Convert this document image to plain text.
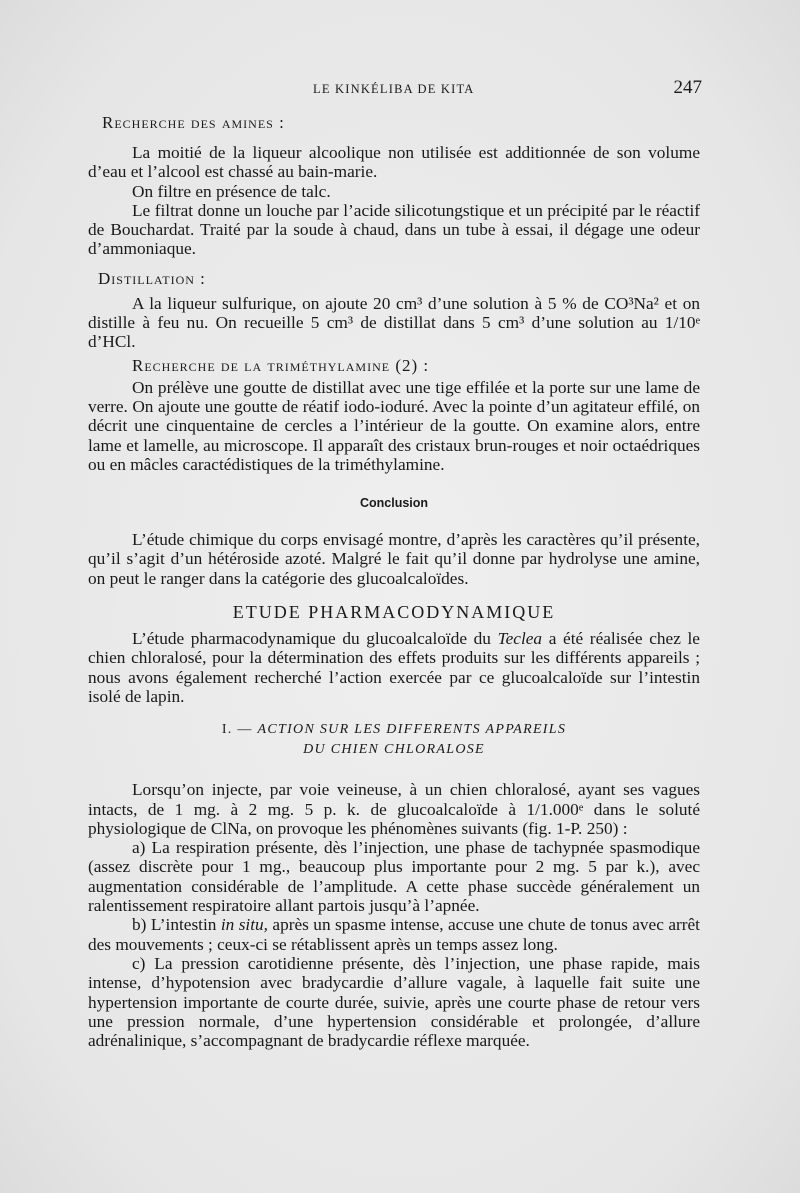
LE KINKÉLIBA DE KITA	247
Recherche des amines :

La moitié de la liqueur alcoolique non utilisée est additionnée de son volume d’eau et l’alcool est chassé au bain-marie.

On filtre en présence de talc.

Le filtrat donne un louche par l’acide silicotungstique et un précipité par le réactif de Bouchardat. Traité par la soude à chaud, dans un tube à essai, il dégage une odeur d’ammoniaque.

Distillation :

A la liqueur sulfurique, on ajoute 20 cm³ d’une solution à 5 % de CO³Na² et on distille à feu nu. On recueille 5 cm³ de distillat dans 5 cm³ d’une solution au 1/10ᵉ d’HCl.

Recherche de la triméthylamine (2) :

On prélève une goutte de distillat avec une tige effilée et la porte sur une lame de verre. On ajoute une goutte de réatif iodo-ioduré. Avec la pointe d’un agitateur effilé, on décrit une cinquentaine de cercles a l’intérieur de la goutte. On examine alors, entre lame et lamelle, au microscope. Il apparaît des cristaux brun-rouges et noir octaédriques ou en mâcles caractédistiques de la triméthylamine.

Conclusion

L’étude chimique du corps envisagé montre, d’après les caractères qu’il présente, qu’il s’agit d’un hétéroside azoté. Malgré le fait qu’il donne par hydrolyse une amine, on peut le ranger dans la catégorie des glucoalcaloïdes.

ETUDE PHARMACODYNAMIQUE

L’étude pharmacodynamique du glucoalcaloïde du Teclea a été réalisée chez le chien chloralosé, pour la détermination des effets produits sur les différents appareils ; nous avons également recherché l’action exercée par ce glucoalcaloïde sur l’intestin isolé de lapin.

I. — ACTION SUR LES DIFFERENTS APPAREILS
DU CHIEN CHLORALOSE

Lorsqu’on injecte, par voie veineuse, à un chien chloralosé, ayant ses vagues intacts, de 1 mg. à 2 mg. 5 p. k. de glucoalcaloïde à 1/1.000ᵉ dans le soluté physiologique de ClNa, on provoque les phénomènes suivants (fig. 1-P. 250) :

a) La respiration présente, dès l’injection, une phase de tachypnée spasmodique (assez discrète pour 1 mg., beaucoup plus importante pour 2 mg. 5 par k.), avec augmentation considérable de l’amplitude. A cette phase succède généralement un ralentissement respiratoire allant partois jusqu’à l’apnée.

b) L’intestin in situ, après un spasme intense, accuse une chute de tonus avec arrêt des mouvements ; ceux-ci se rétablissent après un temps assez long.

c) La pression carotidienne présente, dès l’injection, une phase rapide, mais intense, d’hypotension avec bradycardie d’allure vagale, à laquelle fait suite une hypertension importante de courte durée, suivie, après une courte phase de retour vers une pression normale, d’une hypertension considérable et prolongée, d’allure adrénalinique, s’accompagnant de bradycardie réflexe marquée.
